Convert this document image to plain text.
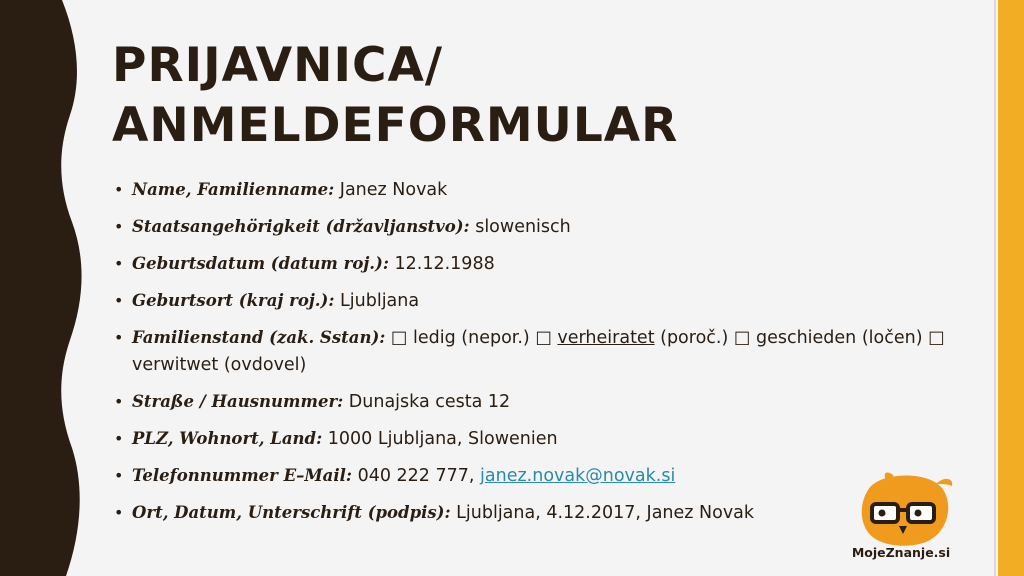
PRIJAVNICA/
ANMELDEFORMULAR
• Name, Familienname: Janez Novak
• Staatsangehörigkeit (državljanstvo): slowenisch
• Geburtsdatum (datum roj.): 12.12.1988
• Geburtsort (kraj roj.): Ljubljana
• Familienstand (zak. Sstan): □ ledig (nepor.) □ verheiratet (poroč.) □ geschieden (ločen) □ verwitwet (ovdovel)
• Straße / Hausnummer: Dunajska cesta 12
• PLZ, Wohnort, Land: 1000 Ljubljana, Slowenien
• Telefonnummer E–Mail: 040 222 777, janez.novak@novak.si
• Ort, Datum, Unterschrift (podpis): Ljubljana, 4.12.2017, Janez Novak
MojeZnanje.si
